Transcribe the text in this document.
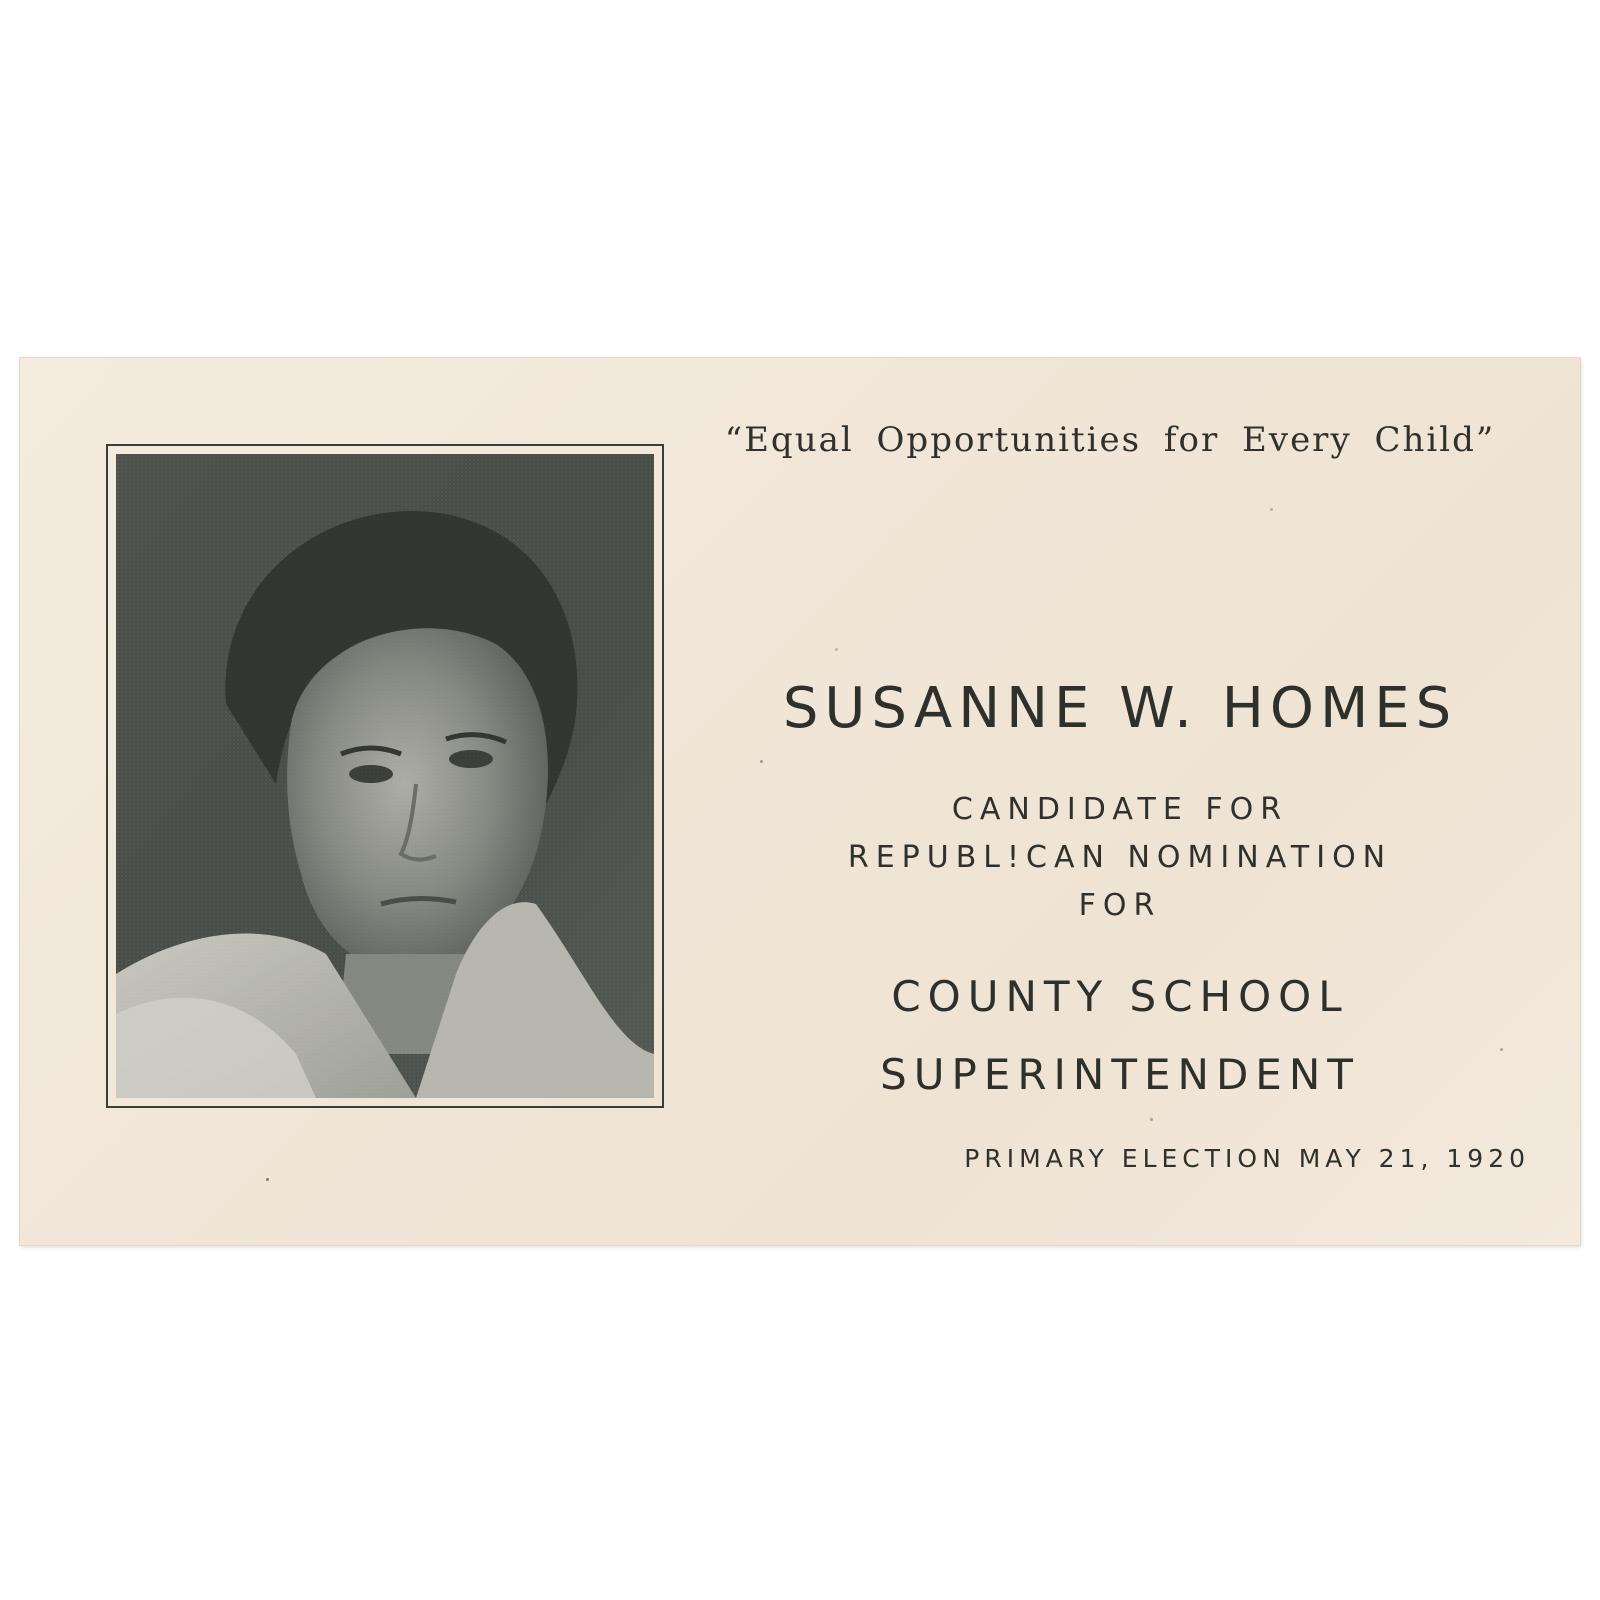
“Equal Opportunities for Every Child”
SUSANNE W. HOMES
CANDIDATE FOR
REPUBL!CAN NOMINATION
FOR
COUNTY SCHOOL
SUPERINTENDENT
PRIMARY ELECTION MAY 21, 1920
